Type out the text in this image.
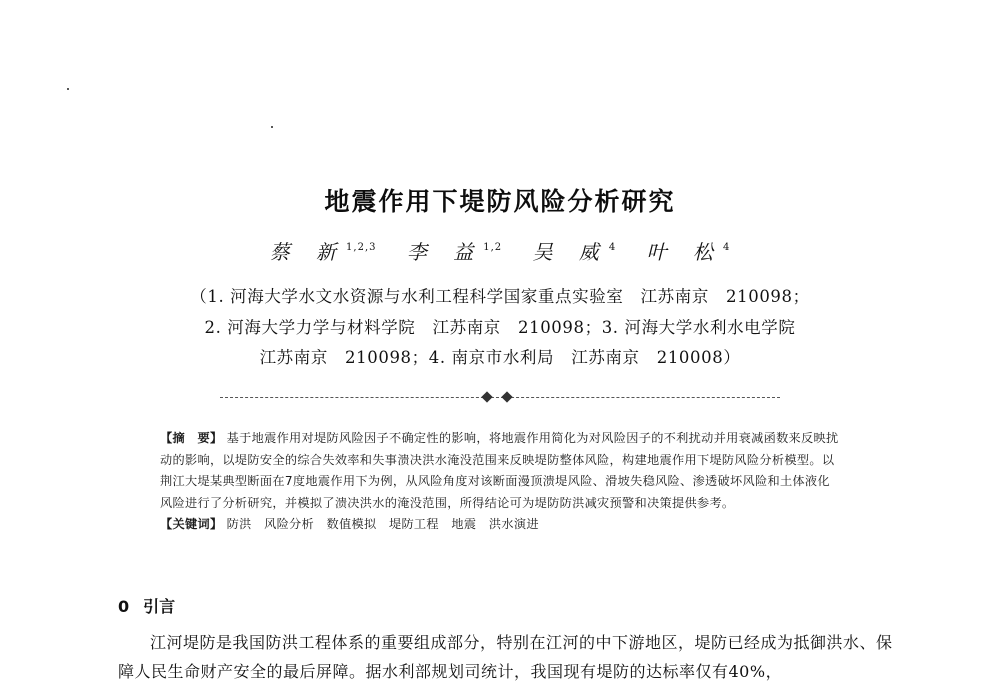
地震作用下堤防风险分析研究
蔡 新$^{1,2,3}$ 李 益$^{1,2}$ 吴 威$^4$ 叶 松$^4$
（1. 河海大学水文水资源与水利工程科学国家重点实验室　江苏南京　210098；
2. 河海大学力学与材料学院　江苏南京　210098；3. 河海大学水利水电学院
江苏南京　210098；4. 南京市水利局　江苏南京　210008）
【摘　要】 基于地震作用对堤防风险因子不确定性的影响，将地震作用简化为对风险因子的不利扰动并用衰减函数来反映扰动的影响，以堤防安全的综合失效率和失事溃决洪水淹没范围来反映堤防整体风险，构建地震作用下堤防风险分析模型。以荆江大堤某典型断面在7度地震作用下为例，从风险角度对该断面漫顶溃堤风险、滑坡失稳风险、渗透破坏风险和土体液化风险进行了分析研究，并模拟了溃决洪水的淹没范围，所得结论可为堤防防洪减灾预警和决策提供参考。
【关键词】 防洪　风险分析　数值模拟　堤防工程　地震　洪水演进
0 引言

江河堤防是我国防洪工程体系的重要组成部分，特别在江河的中下游地区，堤防已经成为抵御洪水、保障人民生命财产安全的最后屏障。据水利部规划司统计，我国现有堤防的达标率仅有40%，
